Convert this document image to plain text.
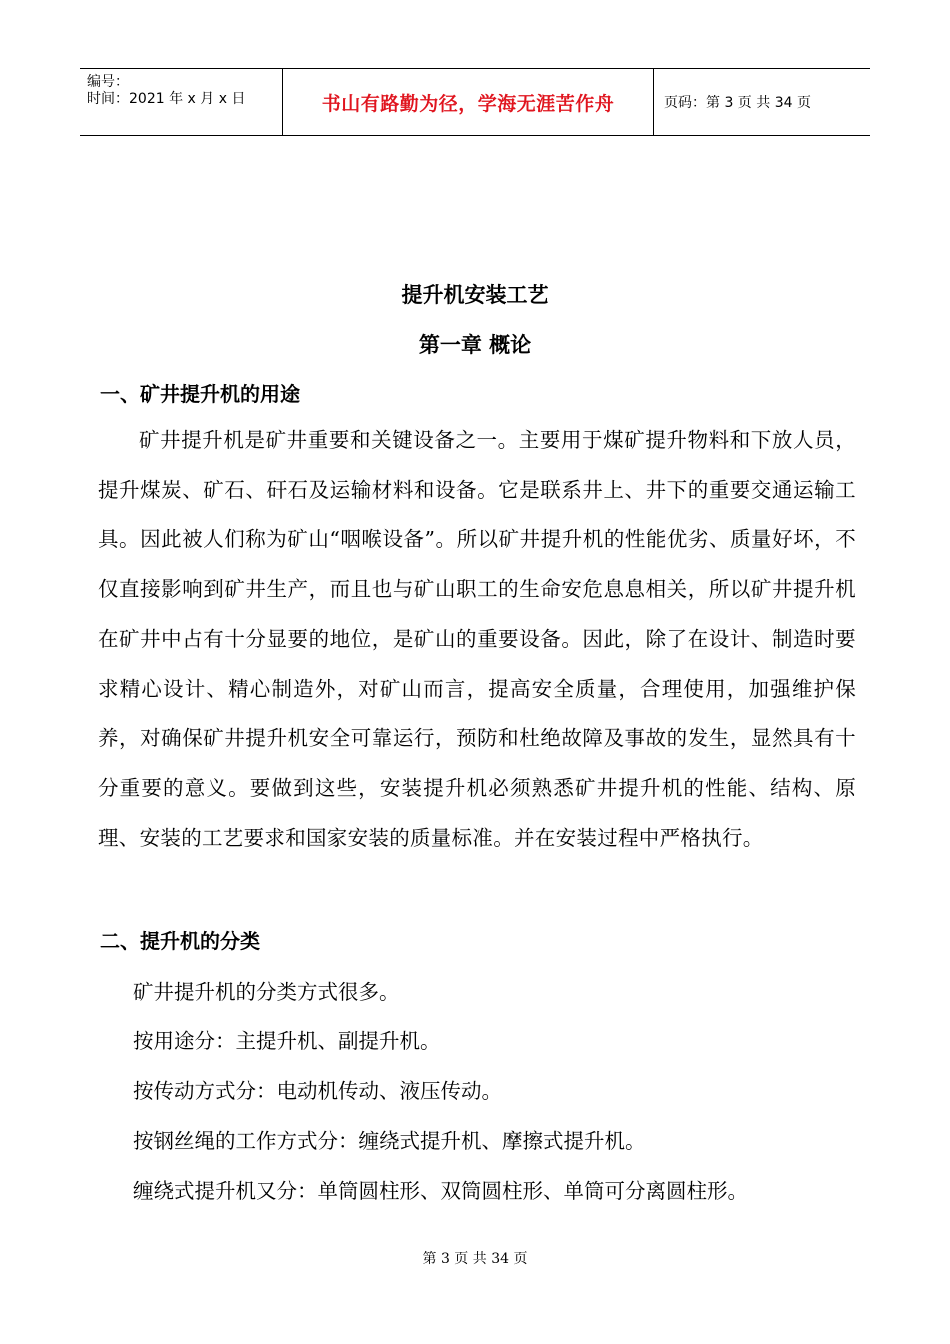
编号：
时间：2021 年 x 月 x 日	书山有路勤为径，学海无涯苦作舟	页码：第 3 页 共 34 页
提升机安装工艺
第一章 概论
一、矿井提升机的用途
矿井提升机是矿井重要和关键设备之一。主要用于煤矿提升物料和下放人员，提升煤炭、矿石、矸石及运输材料和设备。它是联系井上、井下的重要交通运输工具。因此被人们称为矿山“咽喉设备”。所以矿井提升机的性能优劣、质量好坏，不仅直接影响到矿井生产，而且也与矿山职工的生命安危息息相关，所以矿井提升机在矿井中占有十分显要的地位，是矿山的重要设备。因此，除了在设计、制造时要求精心设计、精心制造外，对矿山而言，提高安全质量，合理使用，加强维护保养，对确保矿井提升机安全可靠运行，预防和杜绝故障及事故的发生，显然具有十分重要的意义。要做到这些，安装提升机必须熟悉矿井提升机的性能、结构、原理、安装的工艺要求和国家安装的质量标准。并在安装过程中严格执行。
二、提升机的分类
矿井提升机的分类方式很多。
按用途分：主提升机、副提升机。
按传动方式分：电动机传动、液压传动。
按钢丝绳的工作方式分：缠绕式提升机、摩擦式提升机。
缠绕式提升机又分：单筒圆柱形、双筒圆柱形、单筒可分离圆柱形。
第 3 页 共 34 页
